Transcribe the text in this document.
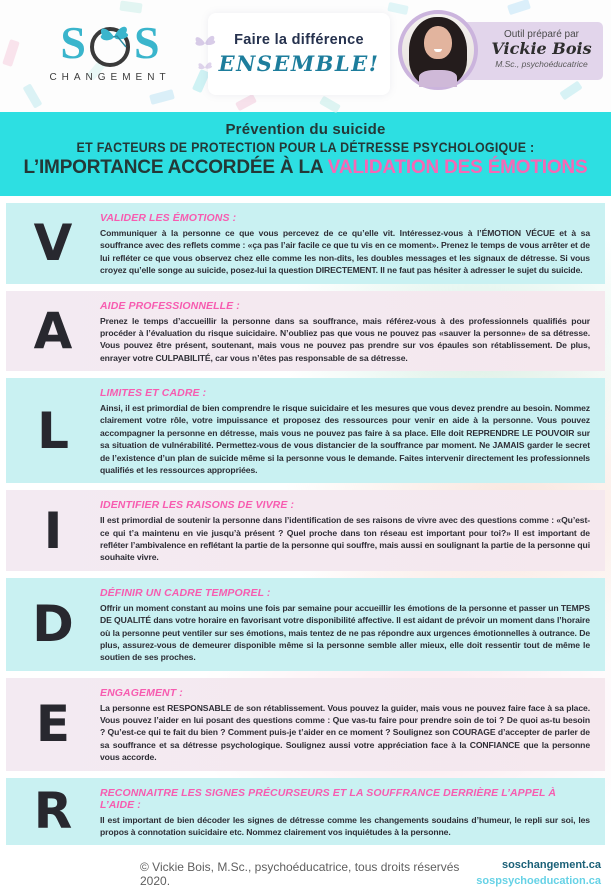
S S
CHANGEMENT
Faire la différence
ENSEMBLE!
Outil préparé par
Vickie Bois
M.Sc., psychoéducatrice
Prévention du suicide
ET FACTEURS DE PROTECTION POUR LA DÉTRESSE PSYCHOLOGIQUE :
L’IMPORTANCE ACCORDÉE À LA VALIDATION DES ÉMOTIONS
V	VALIDER LES ÉMOTIONS :

Communiquer à la personne ce que vous percevez de ce qu’elle vit. Intéressez-vous à l’ÉMOTION VÉCUE et à sa souffrance avec des reflets comme : «ça pas l’air facile ce que tu vis en ce moment». Prenez le temps de vous arrêter et de lui refléter ce que vous observez chez elle comme les non-dits, les doubles messages et les signaux de détresse. Si vous croyez qu’elle songe au suicide, posez-lui la question DIRECTEMENT. Il ne faut pas hésiter à adresser le sujet du suicide.

A	AIDE PROFESSIONNELLE :

Prenez le temps d’accueillir la personne dans sa souffrance, mais référez-vous à des professionnels qualifiés pour procéder à l’évaluation du risque suicidaire. N’oubliez pas que vous ne pouvez pas «sauver la personne» de sa détresse. Vous pouvez être présent, soutenant, mais vous ne pouvez pas prendre sur vos épaules son rétablissement. De plus, enrayer votre CULPABILITÉ, car vous n’êtes pas responsable de sa détresse.

L
LIMITES ET CADRE :

Ainsi, il est primordial de bien comprendre le risque suicidaire et les mesures que vous devez prendre au besoin. Nommez clairement votre rôle, votre impuissance et proposez des ressources pour venir en aide à la personne. Vous pouvez accompagner la personne en détresse, mais vous ne pouvez pas faire à sa place. Elle doit REPRENDRE LE POUVOIR sur sa situation de vulnérabilité. Permettez-vous de vous distancier de la souffrance par moment. Ne JAMAIS garder le secret de l’existence d’un plan de suicide même si la personne vous le demande. Faites intervenir directement les professionnels qualifiés et les ressources appropriées.

I	IDENTIFIER LES RAISONS DE VIVRE :

Il est primordial de soutenir la personne dans l’identification de ses raisons de vivre avec des questions comme : «Qu’est-ce qui t’a maintenu en vie jusqu’à présent ? Quel proche dans ton réseau est important pour toi?» Il est important de refléter l’ambivalence en reflétant la partie de la personne qui souffre, mais aussi en soulignant la partie de la personne qui souhaite vivre.

D
DÉFINIR UN CADRE TEMPOREL :

Offrir un moment constant au moins une fois par semaine pour accueillir les émotions de la personne et passer un TEMPS DE QUALITÉ dans votre horaire en favorisant votre disponibilité affective. Il est aidant de prévoir un moment dans l’horaire où la personne peut ventiler sur ses émotions, mais tentez de ne pas répondre aux urgences émotionnelles à outrance. De plus, assurez-vous de demeurer disponible même si la personne semble aller mieux, elle doit ressentir tout de même le soutien de ses proches.

E
ENGAGEMENT :

La personne est RESPONSABLE de son rétablissement. Vous pouvez la guider, mais vous ne pouvez faire face à sa place. Vous pouvez l’aider en lui posant des questions comme : Que vas-tu faire pour prendre soin de toi ? De quoi as-tu besoin ? Qu’est-ce qui te fait du bien ? Comment puis-je t’aider en ce moment ? Soulignez son COURAGE d’accepter de parler de sa souffrance et sa détresse psychologique. Soulignez aussi votre appréciation face à la CONFIANCE que la personne vous accorde.

R	RECONNAITRE LES SIGNES PRÉCURSEURS ET LA SOUFFRANCE DERRIÈRE L’APPEL À L’AIDE :

Il est important de bien décoder les signes de détresse comme les changements soudains d’humeur, le repli sur soi, les propos à connotation suicidaire etc. Nommez clairement vos inquiétudes à la personne.

© Vickie Bois, M.Sc., psychoéducatrice, tous droits réservés 2020.
soschangement.ca
sospsychoeducation.ca
